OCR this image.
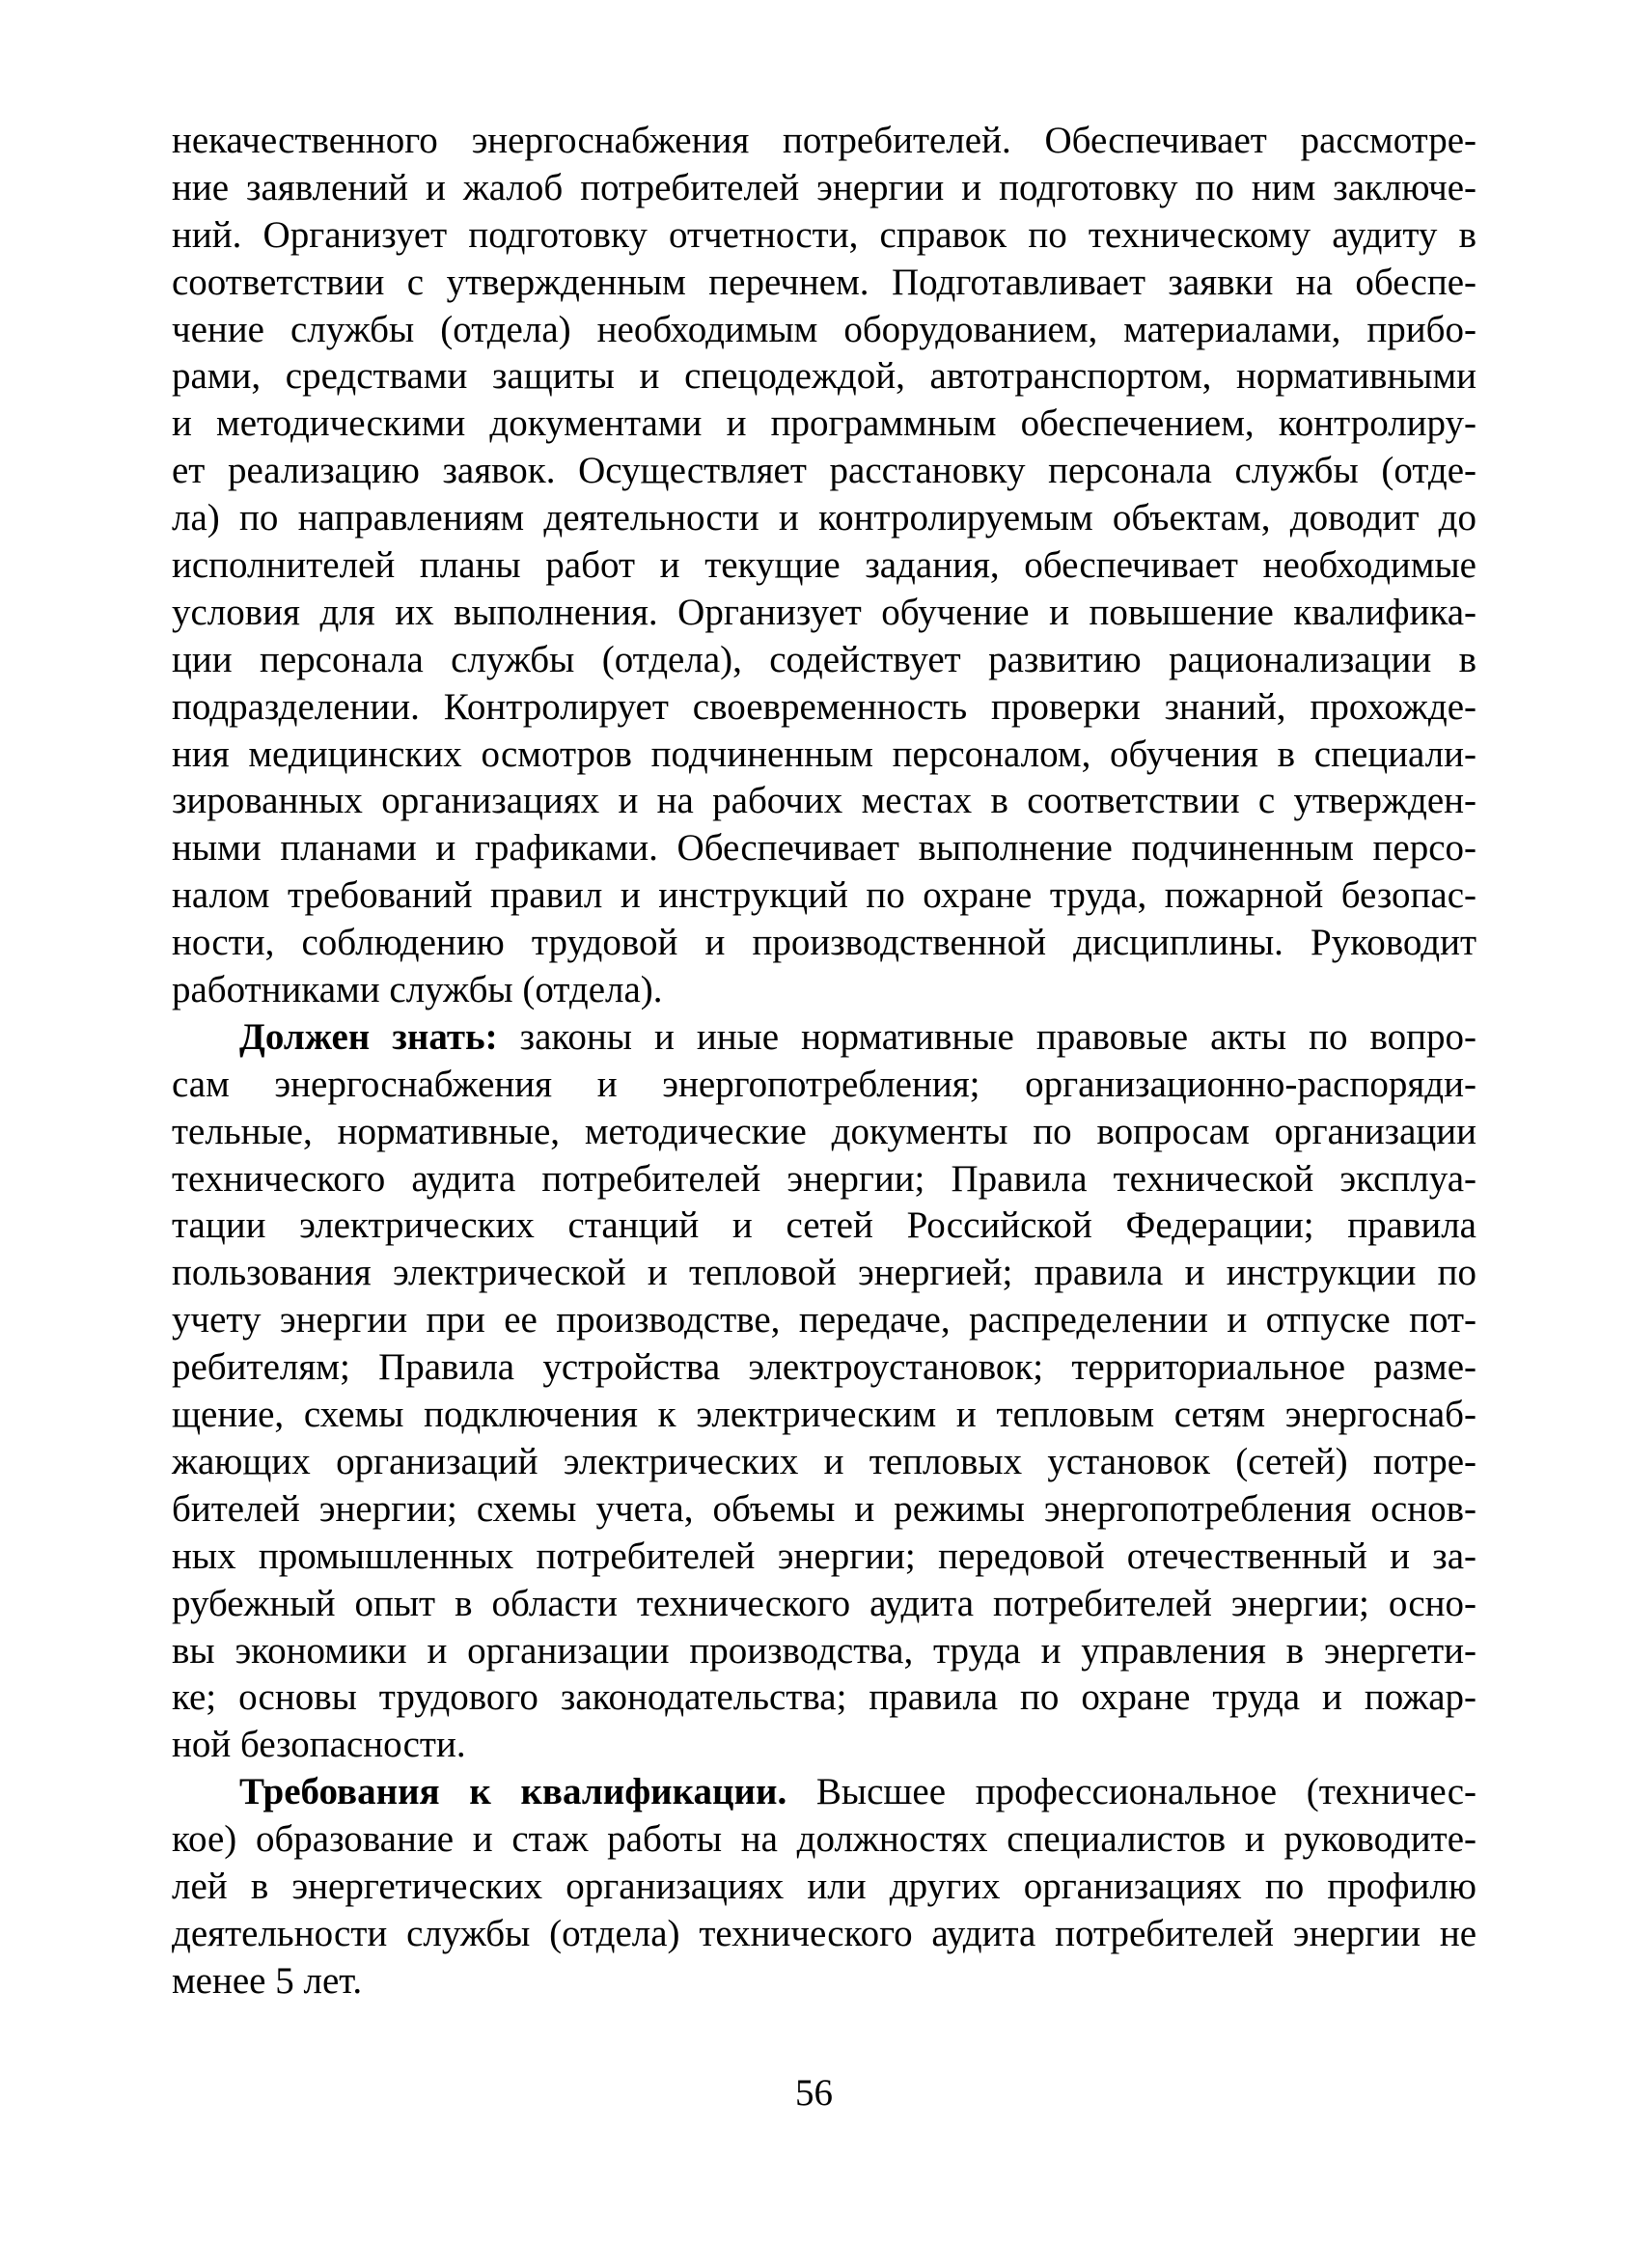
некачественного энергоснабжения потребителей. Обеспечивает рассмотре-
ние заявлений и жалоб потребителей энергии и подготовку по ним заключе-
ний. Организует подготовку отчетности, справок по техническому аудиту в
соответствии с утвержденным перечнем. Подготавливает заявки на обеспе-
чение службы (отдела) необходимым оборудованием, материалами, прибо-
рами, средствами защиты и спецодеждой, автотранспортом, нормативными
и методическими документами и программным обеспечением, контролиру-
ет реализацию заявок. Осуществляет расстановку персонала службы (отде-
ла) по направлениям деятельности и контролируемым объектам, доводит до
исполнителей планы работ и текущие задания, обеспечивает необходимые
условия для их выполнения. Организует обучение и повышение квалифика-
ции персонала службы (отдела), содействует развитию рационализации в
подразделении. Контролирует своевременность проверки знаний, прохожде-
ния медицинских осмотров подчиненным персоналом, обучения в специали-
зированных организациях и на рабочих местах в соответствии с утвержден-
ными планами и графиками. Обеспечивает выполнение подчиненным персо-
налом требований правил и инструкций по охране труда, пожарной безопас-
ности, соблюдению трудовой и производственной дисциплины. Руководит
работниками службы (отдела).
Должен знать: законы и иные нормативные правовые акты по вопро-
сам энергоснабжения и энергопотребления; организационно-распоряди-
тельные, нормативные, методические документы по вопросам организации
технического аудита потребителей энергии; Правила технической эксплуа-
тации электрических станций и сетей Российской Федерации; правила
пользования электрической и тепловой энергией; правила и инструкции по
учету энергии при ее производстве, передаче, распределении и отпуске пот-
ребителям; Правила устройства электроустановок; территориальное разме-
щение, схемы подключения к электрическим и тепловым сетям энергоснаб-
жающих организаций электрических и тепловых установок (сетей) потре-
бителей энергии; схемы учета, объемы и режимы энергопотребления основ-
ных промышленных потребителей энергии; передовой отечественный и за-
рубежный опыт в области технического аудита потребителей энергии; осно-
вы экономики и организации производства, труда и управления в энергети-
ке; основы трудового законодательства; правила по охране труда и пожар-
ной безопасности.
Требования к квалификации. Высшее профессиональное (техничес-
кое) образование и стаж работы на должностях специалистов и руководите-
лей в энергетических организациях или других организациях по профилю
деятельности службы (отдела) технического аудита потребителей энергии не
менее 5 лет.
56
